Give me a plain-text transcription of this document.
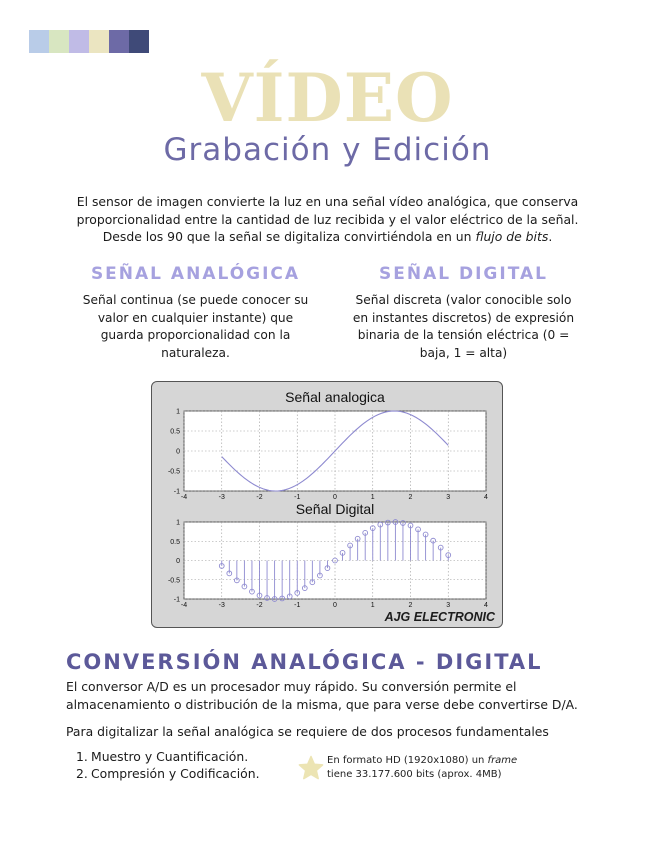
VÍDEO
Grabación y Edición
El sensor de imagen convierte la luz en una señal vídeo analógica, que conserva proporcionalidad entre la cantidad de luz recibida y el valor eléctrico de la señal. Desde los 90 que la señal se digitaliza convirtiéndola en un flujo de bits.
SEÑAL ANALÓGICA
Señal continua (se puede conocer su valor en cualquier instante) que guarda proporcionalidad con la naturaleza.
SEÑAL DIGITAL
Señal discreta (valor conocible solo en instantes discretos) de expresión binaria de la tensión eléctrica (0 = baja, 1 = alta)
Señal analogica
-4	-3	-2	-1	0	1	2	3	4
1
0.5
0
-0.5
-1
Señal Digital
-4	-3	-2	-1	0	1	2	3	4
1
0.5
0
-0.5
-1
AJG ELECTRONIC
CONVERSIÓN ANALÓGICA - DIGITAL
El conversor A/D es un procesador muy rápido. Su conversión permite el almacenamiento o distribución de la misma, que para verse debe convertirse D/A.
Para digitalizar la señal analógica se requiere de dos procesos fundamentales
1. Muestro y Cuantificación.
2. Compresión y Codificación.
En formato HD (1920x1080) un frame
tiene 33.177.600 bits (aprox. 4MB)
